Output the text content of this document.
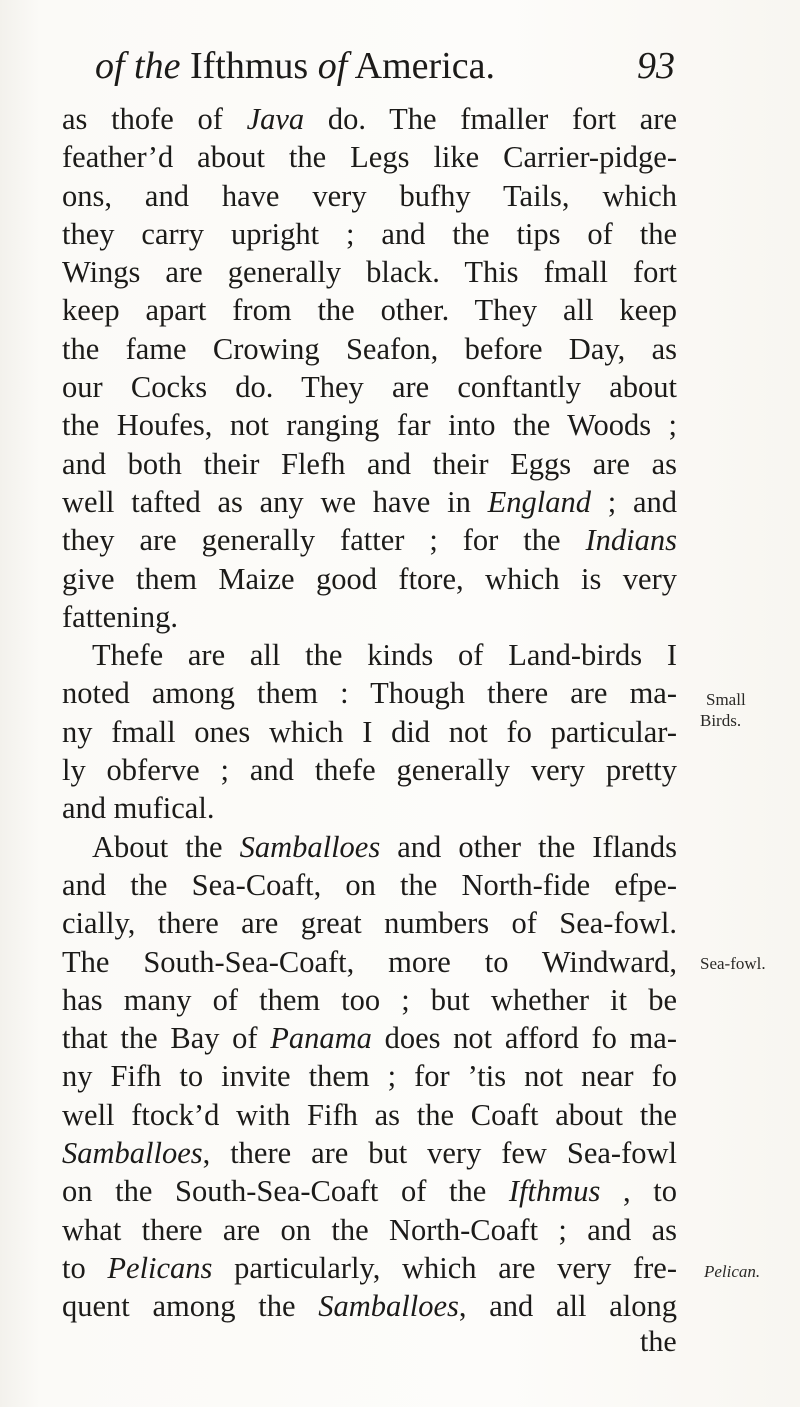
of the Ifthmus of America.	93
as thofe of Java do. The fmaller fort are
feather’d about the Legs like Carrier-pidge-
ons, and have very bufhy Tails, which
they carry upright ; and the tips of the
Wings are generally black. This fmall fort
keep apart from the other. They all keep
the fame Crowing Seafon, before Day, as
our Cocks do. They are conftantly about
the Houfes, not ranging far into the Woods ;
and both their Flefh and their Eggs are as
well tafted as any we have in England ; and
they are generally fatter ; for the Indians
give them Maize good ftore, which is very
fattening.
Thefe are all the kinds of Land-birds I
noted among them : Though there are ma-
ny fmall ones which I did not fo particular-
ly obferve ; and thefe generally very pretty
and mufical.
About the Samballoes and other the Iflands
and the Sea-Coaft, on the North-fide efpe-
cially, there are great numbers of Sea-fowl.
The South-Sea-Coaft, more to Windward,
has many of them too ; but whether it be
that the Bay of Panama does not afford fo ma-
ny Fifh to invite them ; for ’tis not near fo
well ftock’d with Fifh as the Coaft about the
Samballoes, there are but very few Sea-fowl
on the South-Sea-Coaft of the Ifthmus , to
what there are on the North-Coaft ; and as
to Pelicans particularly, which are very fre-
quent among the Samballoes, and all along
Small
Birds.
Sea-fowl.
Pelican.
the
